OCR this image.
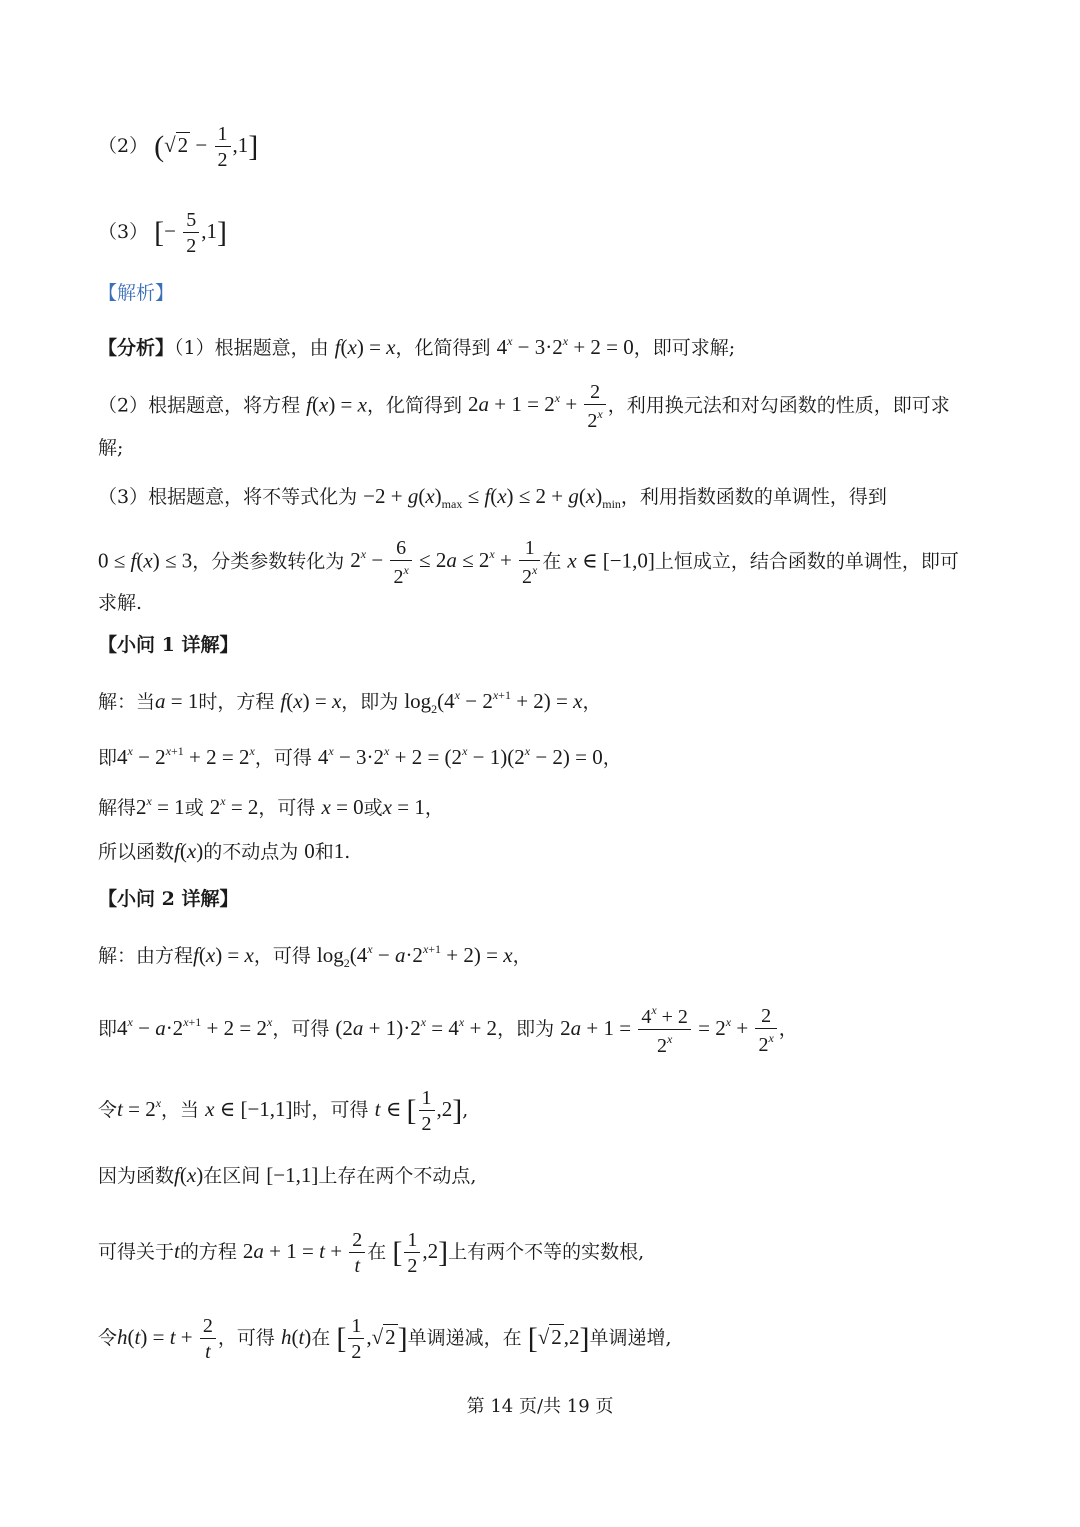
（2） $(√2 - \frac{1}{2} ,1]$
（3） [− $\frac{5}{2} ,1$]
【解析】
【分析】（1）根据题意，由 f(x) = x，化简得到 $4^x - 3\cdot 2^x + 2 = 0$，即可求解;
（2）根据题意，将方程 f(x) = x，化简得到 $2a + 1 = 2^x + \frac{2}{2^x}$ ，利用换元法和对勾函数的性质，即可求
解;
（3）根据题意，将不等式化为 $-2 + g(x)_{max} \le f(x) \le 2 + g(x)_{min}$，利用指数函数的单调性，得到
0 ≤ f(x) ≤ 3，分类参数转化为 $2^x - \frac{6}{2^x} \le 2a \le 2^x + \frac{1}{2^x}$ 在 x ∈ [−1,0]上恒成立，结合函数的单调性，即可
求解.
【小问 1 详解】
解：当a = 1时，方程 f(x) = x，即为 $\log_2(4^x - 2^{x+1} + 2) = x$，
即$4^x - 2^{x+1} + 2 = 2^x$，可得 $4^x - 3\cdot 2^x + 2 = (2^x - 1)(2^x - 2) = 0$，
解得$2^x = 1$或 $2^x = 2$，可得 x = 0或x = 1，
所以函数f(x)的不动点为 0和1.
【小问 2 详解】
解：由方程f(x) = x，可得 $\log_2(4^x - a\cdot 2^{x+1} + 2) = x$，
即$4^x - a\cdot 2^{x+1} + 2 = 2^x$，可得 $(2a + 1)\cdot 2^x = 4^x + 2$，即为 $2a + 1 = \frac{4^x + 2}{2^x} = 2^x + \frac{2}{2^x}$ ，
令$t = 2^x$，当 x ∈ [−1,1]时，可得 t ∈ [ $\frac{1}{2} ,2$],
因为函数f(x)在区间 [−1,1]上存在两个不动点,
可得关于t的方程 $2a + 1 = t + \frac{2}{t}$ 在 [ $\frac{1}{2} ,2$]上有两个不等的实数根,
令$h(t) = t + \frac{2}{t}$ ，可得 h(t)在 [ $\frac{1}{2} ,√2$]单调递减，在 [√2,2]单调递增,
第 14 页/共 19 页
